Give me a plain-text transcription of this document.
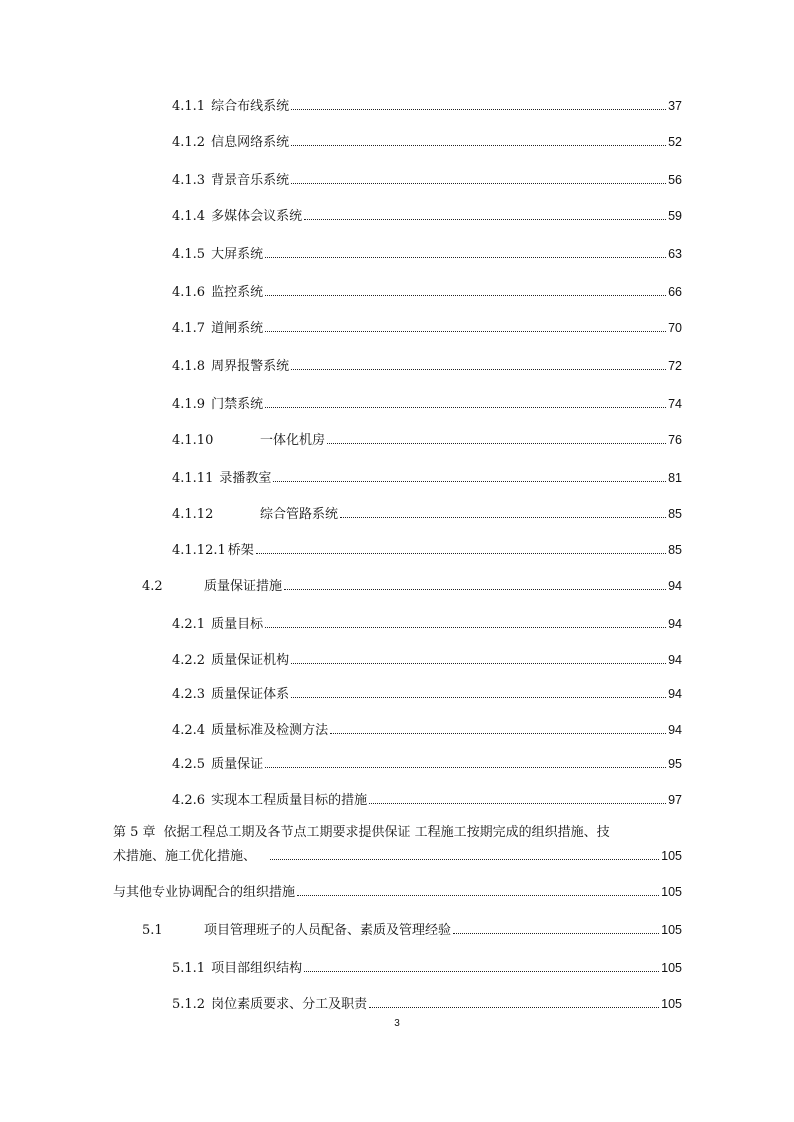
4.1.1 综合布线系统	37
4.1.2 信息网络系统	52
4.1.3 背景音乐系统	56
4.1.4 多媒体会议系统	59
4.1.5 大屏系统	63
4.1.6 监控系统	66
4.1.7 道闸系统	70
4.1.8 周界报警系统	72
4.1.9 门禁系统	74
4.1.10	一体化机房	76
4.1.11 录播教室	81
4.1.12	综合管路系统	85
4.1.12.1 桥架	85
4.2	质量保证措施	94
4.2.1 质量目标	94
4.2.2 质量保证机构	94
4.2.3 质量保证体系	94
4.2.4 质量标准及检测方法	94
4.2.5 质量保证	95
4.2.6 实现本工程质量目标的措施	97
第 5 章 依据工程总工期及各节点工期要求提供保证 工程施工按期完成的组织措施、技
术措施、施工优化措施、	105
与其他专业协调配合的组织措施	105
5.1	项目管理班子的人员配备、素质及管理经验	105
5.1.1 项目部组织结构	105
5.1.2 岗位素质要求、分工及职责	105
3
